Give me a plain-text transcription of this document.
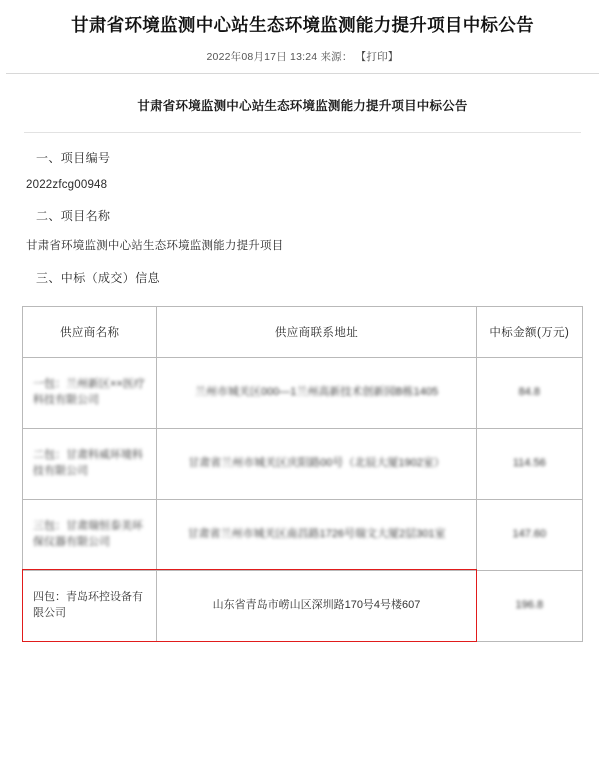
甘肃省环境监测中心站生态环境监测能力提升项目中标公告
2022年08月17日 13:24 来源： 【打印】
甘肃省环境监测中心站生态环境监测能力提升项目中标公告
一、项目编号
2022zfcg00948
二、项目名称
甘肃省环境监测中心站生态环境监测能力提升项目
三、中标（成交）信息
供应商名称	供应商联系地址	中标金额(万元)
一包：兰州新区××医疗科技有限公司	兰州市城关区000—1兰州高新技术创新园B栋1405	84.8
二包：甘肃科威环境科技有限公司	甘肃省兰州市城关区庆阳路00号（北辰大厦1902室）	114.56
三包：甘肃瑞恒泰美环保仪器有限公司	甘肃省兰州市城关区南昌路1726号瑞文大厦2层301室	147.60
四包：青岛环控设备有限公司	山东省青岛市崂山区深圳路170号4号楼607	196.8
